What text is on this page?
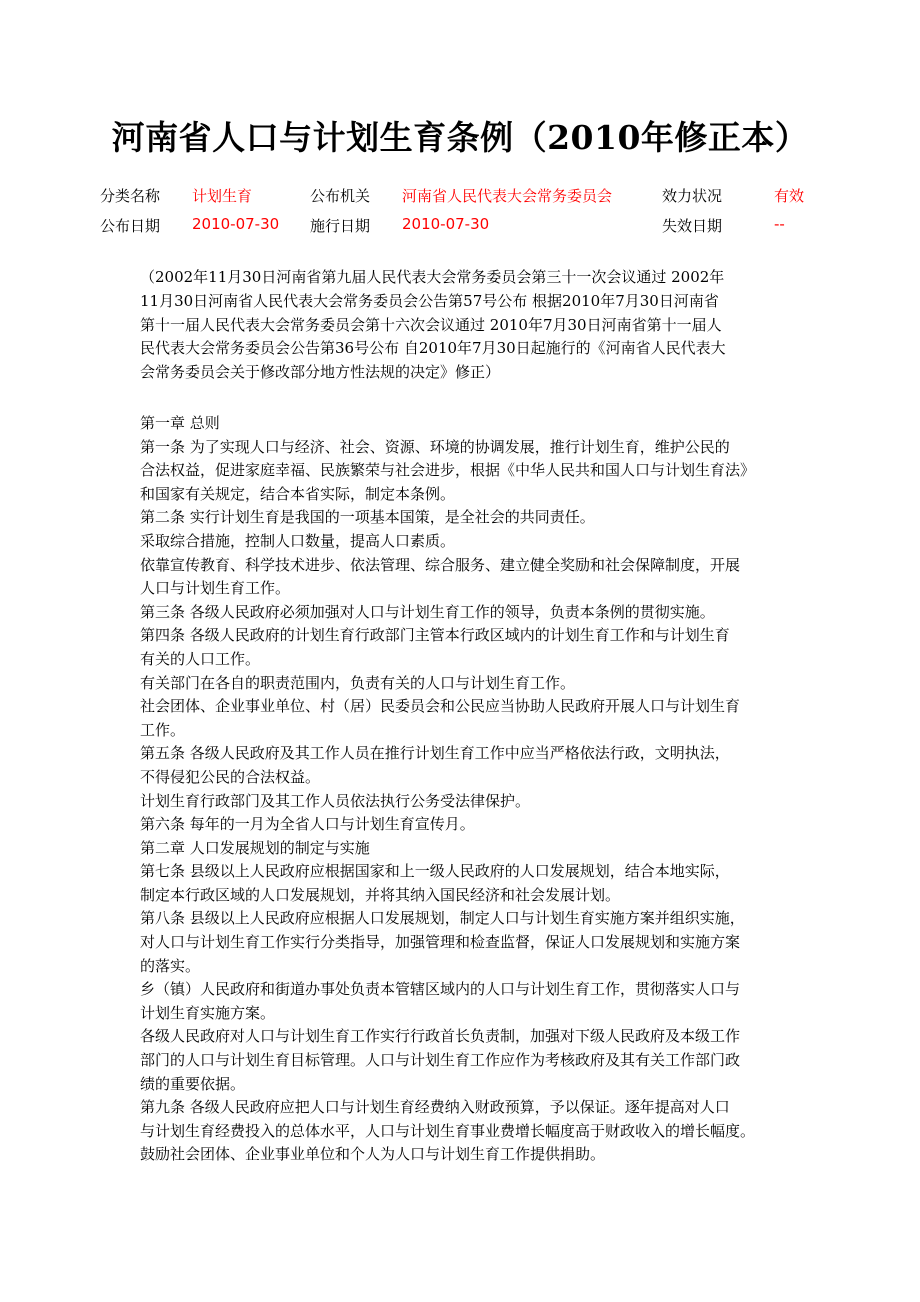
河南省人口与计划生育条例（2010年修正本）
分类名称 计划生育	公布机关 河南省人民代表大会常务委员会	效力状况	有效
公布日期 2010-07-30 施行日期 2010-07-30	失效日期	--
（2002年11月30日河南省第九届人民代表大会常务委员会第三十一次会议通过 2002年
11月30日河南省人民代表大会常务委员会公告第57号公布 根据2010年7月30日河南省
第十一届人民代表大会常务委员会第十六次会议通过 2010年7月30日河南省第十一届人
民代表大会常务委员会公告第36号公布 自2010年7月30日起施行的《河南省人民代表大
会常务委员会关于修改部分地方性法规的决定》修正）
第一章 总则
第一条 为了实现人口与经济、社会、资源、环境的协调发展，推行计划生育，维护公民的
合法权益，促进家庭幸福、民族繁荣与社会进步，根据《中华人民共和国人口与计划生育法》
和国家有关规定，结合本省实际，制定本条例。
第二条 实行计划生育是我国的一项基本国策，是全社会的共同责任。
采取综合措施，控制人口数量，提高人口素质。
依靠宣传教育、科学技术进步、依法管理、综合服务、建立健全奖励和社会保障制度，开展
人口与计划生育工作。
第三条 各级人民政府必须加强对人口与计划生育工作的领导，负责本条例的贯彻实施。
第四条 各级人民政府的计划生育行政部门主管本行政区域内的计划生育工作和与计划生育
有关的人口工作。
有关部门在各自的职责范围内，负责有关的人口与计划生育工作。
社会团体、企业事业单位、村（居）民委员会和公民应当协助人民政府开展人口与计划生育
工作。
第五条 各级人民政府及其工作人员在推行计划生育工作中应当严格依法行政，文明执法，
不得侵犯公民的合法权益。
计划生育行政部门及其工作人员依法执行公务受法律保护。
第六条 每年的一月为全省人口与计划生育宣传月。
第二章 人口发展规划的制定与实施
第七条 县级以上人民政府应根据国家和上一级人民政府的人口发展规划，结合本地实际，
制定本行政区域的人口发展规划，并将其纳入国民经济和社会发展计划。
第八条 县级以上人民政府应根据人口发展规划，制定人口与计划生育实施方案并组织实施，
对人口与计划生育工作实行分类指导，加强管理和检查监督，保证人口发展规划和实施方案
的落实。
乡（镇）人民政府和街道办事处负责本管辖区域内的人口与计划生育工作，贯彻落实人口与
计划生育实施方案。
各级人民政府对人口与计划生育工作实行行政首长负责制，加强对下级人民政府及本级工作
部门的人口与计划生育目标管理。人口与计划生育工作应作为考核政府及其有关工作部门政
绩的重要依据。
第九条 各级人民政府应把人口与计划生育经费纳入财政预算，予以保证。逐年提高对人口
与计划生育经费投入的总体水平，人口与计划生育事业费增长幅度高于财政收入的增长幅度。
鼓励社会团体、企业事业单位和个人为人口与计划生育工作提供捐助。
